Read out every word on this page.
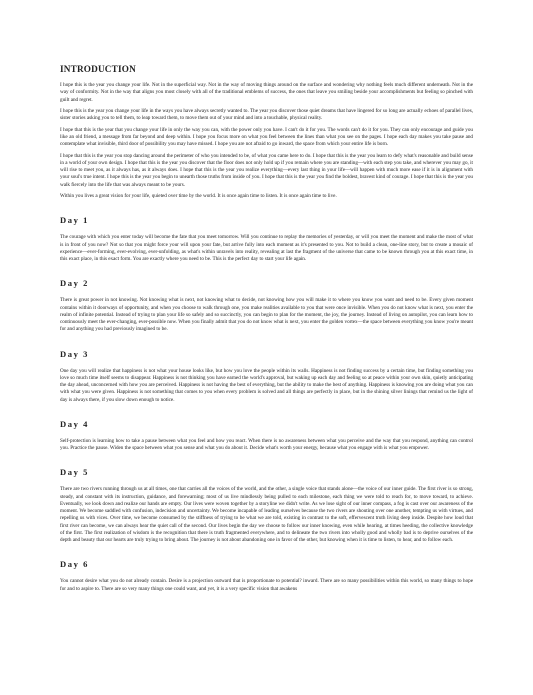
INTRODUCTION

I hope this is the year you change your life. Not in the superficial way. Not in the way of moving things around on the surface and wondering why nothing feels much different underneath. Not in the way of conformity. Not in the way that aligns you most closely with all of the traditional emblems of success, the ones that leave you smiling beside your accomplishments but feeling so pinched with guilt and regret.

I hope this is the year you change your life in the ways you have always secretly wanted to. The year you discover those quiet dreams that have lingered for so long are actually echoes of parallel lives, sister stories asking you to tell them, to leap toward them, to move them out of your mind and into a touchable, physical reality.

I hope that this is the year that you change your life in only the way you can, with the power only you have. I can't do it for you. The words can't do it for you. They can only encourage and guide you like an old friend, a message from far beyond and deep within. I hope you focus more on what you feel between the lines than what you see on the pages. I hope each day makes you take pause and contemplate what invisible, third door of possibility you may have missed. I hope you are not afraid to go inward, the space from which your entire life is born.

I hope that this is the year you stop dancing around the perimeter of who you intended to be, of what you came here to do. I hope that this is the year you learn to defy what's reasonable and build sense in a world of your own design. I hope that this is the year you discover that the floor does not only hold up if you remain where you are standing—with each step you take, and wherever you may go, it will rise to meet you, as it always has, as it always does. I hope that this is the year you realize everything—every last thing in your life—will happen with much more ease if it is in alignment with your soul's true intent. I hope this is the year you begin to unearth those truths from inside of you. I hope that this is the year you find the boldest, bravest kind of courage. I hope that this is the year you walk fiercely into the life that was always meant to be yours.

Within you lives a great vision for your life, quieted over time by the world. It is once again time to listen. It is once again time to live.

Day 1

The courage with which you enter today will become the fate that you meet tomorrow. Will you continue to replay the memories of yesterday, or will you meet the moment and make the most of what is in front of you now? Not so that you might force your will upon your fate, but arrive fully into each moment as it's presented to you. Not to build a clean, one-line story, but to create a mosaic of experience—ever-forming, ever-evolving, ever-unfolding, as what's within unravels into reality, revealing at last the fragment of the universe that came to be known through you at this exact time, in this exact place, in this exact form. You are exactly where you need to be. This is the perfect day to start your life again.

Day 2

There is great power in not knowing. Not knowing what is next, not knowing what to decide, not knowing how you will make it to where you know you want and need to be. Every given moment contains within it doorways of opportunity, and when you choose to walk through one, you make realities available to you that were once invisible. When you do not know what is next, you enter the realm of infinite potential. Instead of trying to plan your life so safely and so succinctly, you can begin to plan for the moment, the joy, the journey. Instead of living on autopilot, you can learn how to continuously meet the ever-changing, ever-possible now. When you finally admit that you do not know what is next, you enter the golden vortex—the space between everything you know you're meant for and anything you had previously imagined to be.

Day 3

One day you will realize that happiness is not what your house looks like, but how you love the people within its walls. Happiness is not finding success by a certain time, but finding something you love so much time itself seems to disappear. Happiness is not thinking you have earned the world's approval, but waking up each day and feeling so at peace within your own skin, quietly anticipating the day ahead, unconcerned with how you are perceived. Happiness is not having the best of everything, but the ability to make the best of anything. Happiness is knowing you are doing what you can with what you were given. Happiness is not something that comes to you when every problem is solved and all things are perfectly in place, but in the shining silver linings that remind us the light of day is always there, if you slow down enough to notice.

Day 4

Self-protection is learning how to take a pause between what you feel and how you react. When there is no awareness between what you perceive and the way that you respond, anything can control you. Practice the pause. Widen the space between what you sense and what you do about it. Decide what's worth your energy, because what you engage with is what you empower.

Day 5

There are two rivers running through us at all times, one that carries all the voices of the world, and the other, a single voice that stands alone—the voice of our inner guide. The first river is so strong, steady, and constant with its instruction, guidance, and forewarning; most of us live mindlessly being pulled to each milestone, each thing we were told to reach for, to move toward, to achieve. Eventually, we look down and realize our hands are empty. Our lives were woven together by a storyline we didn't write. As we lose sight of our inner compass, a fog is cast over our awareness of the moment. We become saddled with confusion, indecision and uncertainty. We become incapable of leading ourselves because the two rivers are shouting over one another, tempting us with virtues, and repelling us with vices. Over time, we become consumed by the stiffness of trying to be what we are told, existing in contrast to the soft, effervescent truth living deep inside. Despite how loud that first river can become, we can always hear the quiet call of the second. Our lives begin the day we choose to follow our inner knowing, even while hearing, at times heeding, the collective knowledge of the first. The first realization of wisdom is the recognition that there is truth fragmented everywhere, and to delineate the two rivers into wholly good and wholly bad is to deprive ourselves of the depth and beauty that our hearts are truly trying to bring about. The journey is not about abandoning one in favor of the other, but knowing when it is time to listen, to hear, and to follow each.

Day 6

You cannot desire what you do not already contain. Desire is a projection outward that is proportionate to potential? inward. There are so many possibilities within this world, so many things to hope for and to aspire to. There are so very many things one could want, and yet, it is a very specific vision that awakens
